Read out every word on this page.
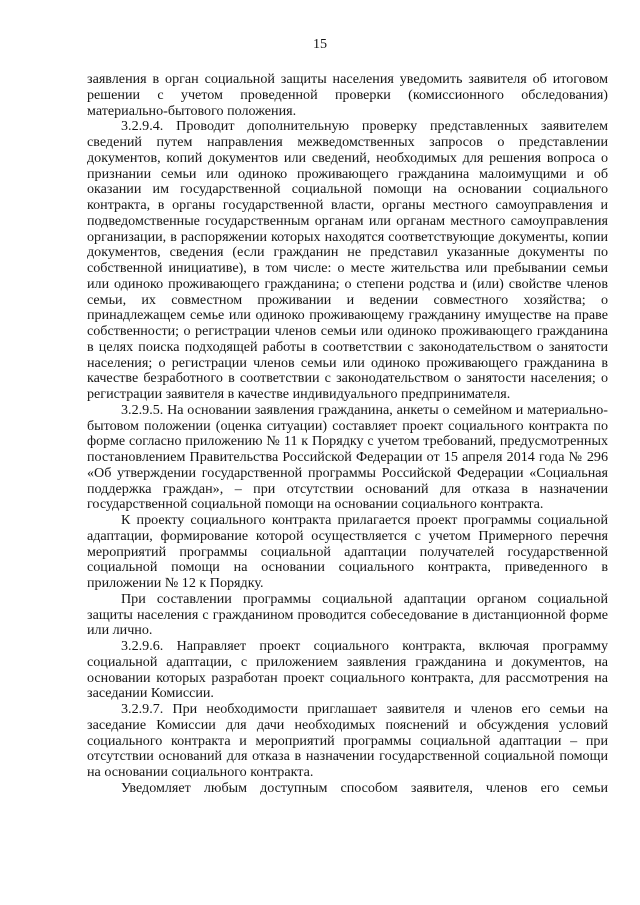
15

заявления в орган социальной защиты населения уведомить заявителя об итоговом решении с учетом проведенной проверки (комиссионного обследования) материально-бытового положения.

3.2.9.4. Проводит дополнительную проверку представленных заявителем сведений путем направления межведомственных запросов о представлении документов, копий документов или сведений, необходимых для решения вопроса о признании семьи или одиноко проживающего гражданина малоимущими и об оказании им государственной социальной помощи на основании социального контракта, в органы государственной власти, органы местного самоуправления и подведомственные государственным органам или органам местного самоуправления организации, в распоряжении которых находятся соответствующие документы, копии документов, сведения (если гражданин не представил указанные документы по собственной инициативе), в том числе: о месте жительства или пребывании семьи или одиноко проживающего гражданина; о степени родства и (или) свойстве членов семьи, их совместном проживании и ведении совместного хозяйства; о принадлежащем семье или одиноко проживающему гражданину имуществе на праве собственности; о регистрации членов семьи или одиноко проживающего гражданина в целях поиска подходящей работы в соответствии с законодательством о занятости населения; о регистрации членов семьи или одиноко проживающего гражданина в качестве безработного в соответствии с законодательством о занятости населения; о регистрации заявителя в качестве индивидуального предпринимателя.

3.2.9.5. На основании заявления гражданина, анкеты о семейном и материально-бытовом положении (оценка ситуации) составляет проект социального контракта по форме согласно приложению № 11 к Порядку с учетом требований, предусмотренных постановлением Правительства Российской Федерации от 15 апреля 2014 года № 296 «Об утверждении государственной программы Российской Федерации «Социальная поддержка граждан», – при отсутствии оснований для отказа в назначении государственной социальной помощи на основании социального контракта.

К проекту социального контракта прилагается проект программы социальной адаптации, формирование которой осуществляется с учетом Примерного перечня мероприятий программы социальной адаптации получателей государственной социальной помощи на основании социального контракта, приведенного в приложении № 12 к Порядку.

При составлении программы социальной адаптации органом социальной защиты населения с гражданином проводится собеседование в дистанционной форме или лично.

3.2.9.6. Направляет проект социального контракта, включая программу социальной адаптации, с приложением заявления гражданина и документов, на основании которых разработан проект социального контракта, для рассмотрения на заседании Комиссии.

3.2.9.7. При необходимости приглашает заявителя и членов его семьи на заседание Комиссии для дачи необходимых пояснений и обсуждения условий социального контракта и мероприятий программы социальной адаптации – при отсутствии оснований для отказа в назначении государственной социальной помощи на основании социального контракта.

Уведомляет любым доступным способом заявителя, членов его семьи
